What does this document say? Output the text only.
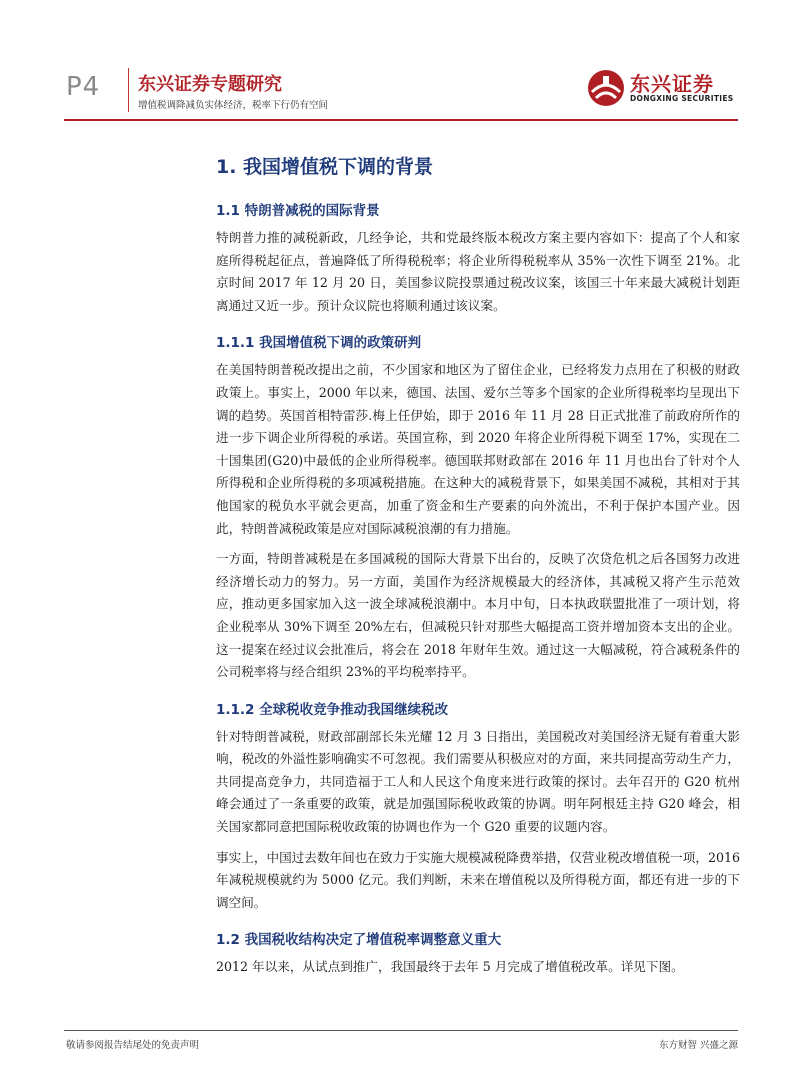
P4 东兴证券专题研究
增值税调降减负实体经济，税率下行仍有空间
东兴证券
DONGXING SECURITIES
1. 我国增值税下调的背景
1.1 特朗普减税的国际背景

特朗普力推的减税新政，几经争论，共和党最终版本税改方案主要内容如下：提高了个人和家庭所得税起征点，普遍降低了所得税税率；将企业所得税税率从 35%一次性下调至 21%。北京时间 2017 年 12 月 20 日，美国参议院投票通过税改议案，该国三十年来最大减税计划距离通过又近一步。预计众议院也将顺利通过该议案。

1.1.1 我国增值税下调的政策研判

在美国特朗普税改提出之前，不少国家和地区为了留住企业，已经将发力点用在了积极的财政政策上。事实上，2000 年以来，德国、法国、爱尔兰等多个国家的企业所得税率均呈现出下调的趋势。英国首相特雷莎.梅上任伊始，即于 2016 年 11 月 28 日正式批准了前政府所作的进一步下调企业所得税的承诺。英国宣称，到 2020 年将企业所得税下调至 17%，实现在二十国集团(G20)中最低的企业所得税率。德国联邦财政部在 2016 年 11 月也出台了针对个人所得税和企业所得税的多项减税措施。在这种大的减税背景下，如果美国不减税，其相对于其他国家的税负水平就会更高，加重了资金和生产要素的向外流出，不利于保护本国产业。因此，特朗普减税政策是应对国际减税浪潮的有力措施。

一方面，特朗普减税是在多国减税的国际大背景下出台的，反映了次贷危机之后各国努力改进经济增长动力的努力。另一方面，美国作为经济规模最大的经济体，其减税又将产生示范效应，推动更多国家加入这一波全球减税浪潮中。本月中旬，日本执政联盟批准了一项计划，将企业税率从 30%下调至 20%左右，但减税只针对那些大幅提高工资并增加资本支出的企业。这一提案在经过议会批准后，将会在 2018 年财年生效。通过这一大幅减税，符合减税条件的公司税率将与经合组织 23%的平均税率持平。

1.1.2 全球税收竞争推动我国继续税改

针对特朗普减税，财政部副部长朱光耀 12 月 3 日指出，美国税改对美国经济无疑有着重大影响，税改的外溢性影响确实不可忽视。我们需要从积极应对的方面，来共同提高劳动生产力，共同提高竞争力，共同造福于工人和人民这个角度来进行政策的探讨。去年召开的 G20 杭州峰会通过了一条重要的政策，就是加强国际税收政策的协调。明年阿根廷主持 G20 峰会，相关国家都同意把国际税收政策的协调也作为一个 G20 重要的议题内容。

事实上，中国过去数年间也在致力于实施大规模减税降费举措，仅营业税改增值税一项，2016 年减税规模就约为 5000 亿元。我们判断，未来在增值税以及所得税方面，都还有进一步的下调空间。

1.2 我国税收结构决定了增值税率调整意义重大

2012 年以来，从试点到推广，我国最终于去年 5 月完成了增值税改革。详见下图。

敬请参阅报告结尾处的免责声明	东方财智 兴盛之源
